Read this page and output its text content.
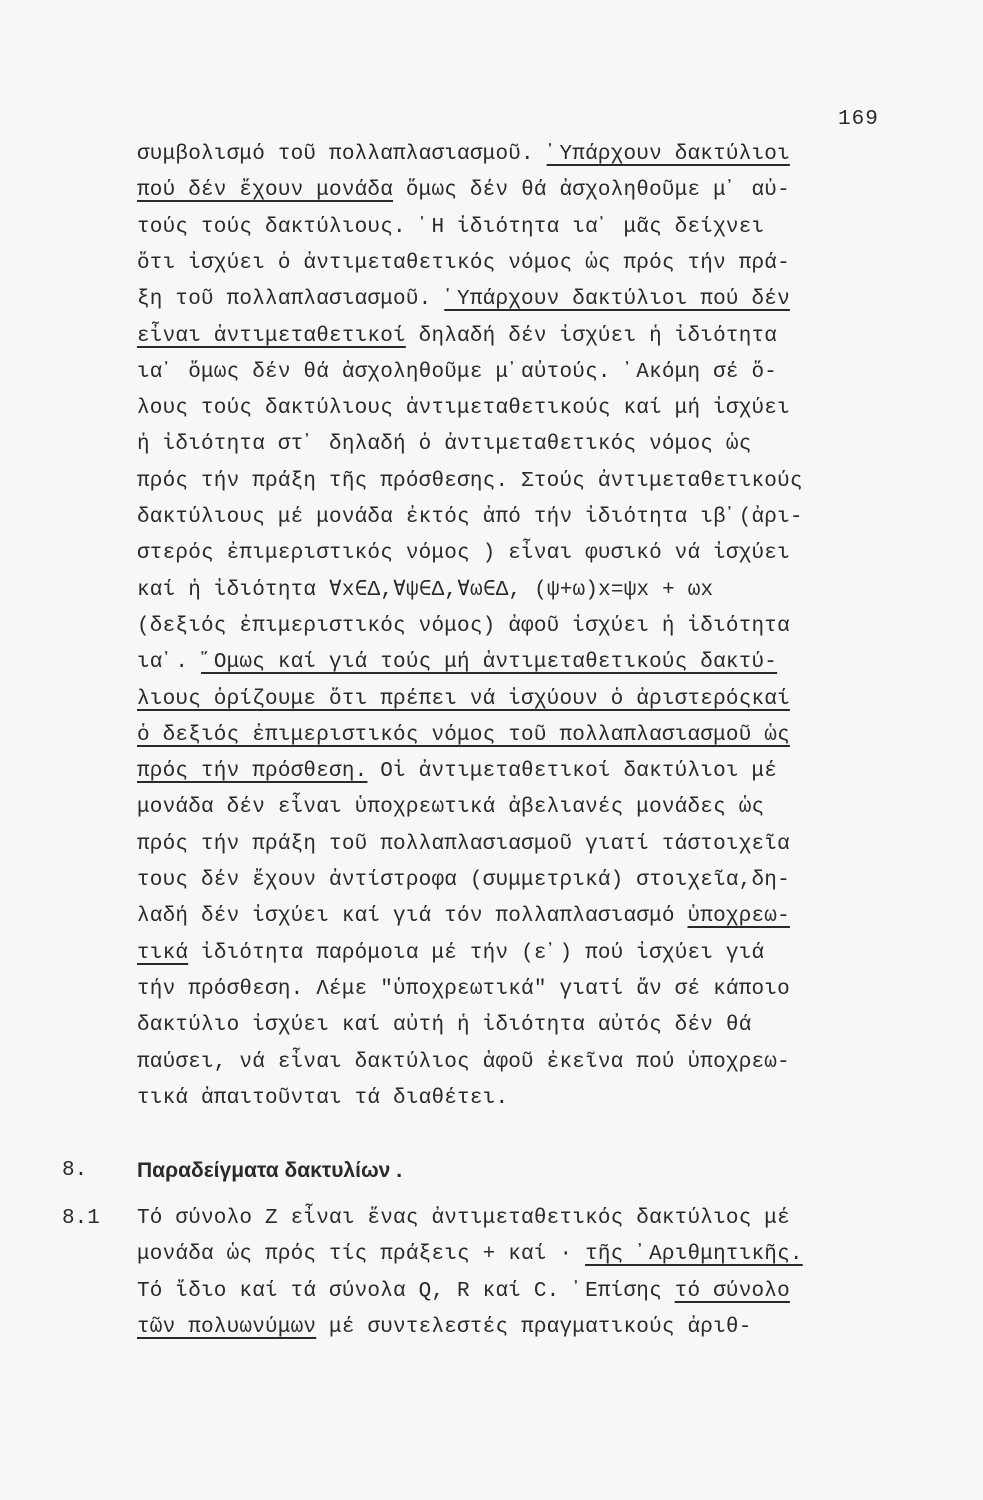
169
συμβολισμό τοῦ πολλαπλασιασμοῦ. ῾Υπάρχουν δακτύλιοι
πού δέν ἔχουν μονάδα ὅμως δέν θά ἀσχοληθοῦμε μ᾿ αὐ-
τούς τούς δακτύλιους. ῾Η ἰδιότητα ια᾿ μᾶς δείχνει
ὅτι ἰσχύει ὁ ἀντιμεταθετικός νόμος ὡς πρός τήν πρά-
ξη τοῦ πολλαπλασιασμοῦ. ῾Υπάρχουν δακτύλιοι πού δέν
εἶναι ἀντιμεταθετικοί δηλαδή δέν ἰσχύει ἡ ἰδιότητα
ια᾿ ὅμως δέν θά ἀσχοληθοῦμε μ᾿αὐτούς. ᾿Ακόμη σέ ὅ-
λους τούς δακτύλιους ἀντιμεταθετικούς καί μή ἰσχύει
ἡ ἰδιότητα στ᾿ δηλαδή ὁ ἀντιμεταθετικός νόμος ὡς
πρός τήν πράξη τῆς πρόσθεσης. Στούς ἀντιμεταθετικούς
δακτύλιους μέ μονάδα ἐκτός ἀπό τήν ἰδιότητα ιβ᾿(ἀρι-
στερός ἐπιμεριστικός νόμος ) εἶναι φυσικό νά ἰσχύει
καί ἡ ἰδιότητα ∀x∈Δ,∀ψ∈Δ,∀ω∈Δ, (ψ+ω)x=ψx + ωx
(δεξιός ἐπιμεριστικός νόμος) ἀφοῦ ἰσχύει ἡ ἰδιότητα
ια᾿. ῞Ομως καί γιά τούς μή ἀντιμεταθετικούς δακτύ-
λιους ὁρίζουμε ὅτι πρέπει νά ἰσχύουν ὁ ἀριστερόςκαί
ὁ δεξιός ἐπιμεριστικός νόμος τοῦ πολλαπλασιασμοῦ ὡς
πρός τήν πρόσθεση. Οἱ ἀντιμεταθετικοί δακτύλιοι μέ
μονάδα δέν εἶναι ὑποχρεωτικά ἀβελιανές μονάδες ὡς
πρός τήν πράξη τοῦ πολλαπλασιασμοῦ γιατί τάστοιχεῖα
τους δέν ἔχουν ἀντίστροφα (συμμετρικά) στοιχεῖα,δη-
λαδή δέν ἰσχύει καί γιά τόν πολλαπλασιασμό ὑποχρεω-
τικά ἰδιότητα παρόμοια μέ τήν (ε᾿) πού ἰσχύει γιά
τήν πρόσθεση. Λέμε "ὑποχρεωτικά" γιατί ἄν σέ κάποιο
δακτύλιο ἰσχύει καί αὐτή ἡ ἰδιότητα αὐτός δέν θά
παύσει, νά εἶναι δακτύλιος ἀφοῦ ἐκεῖνα πού ὑποχρεω-
τικά ἀπαιτοῦνται τά διαθέτει.
8. Παραδείγματα δακτυλίων .
8.1 Τό σύνολο Z εἶναι ἕνας ἀντιμεταθετικός δακτύλιος μέ
μονάδα ὡς πρός τίς πράξεις + καί · τῆς ᾿Αριθμητικῆς.
Τό ἴδιο καί τά σύνολα Q, R καί C. ᾿Επίσης τό σύνολο
τῶν πολυωνύμων μέ συντελεστές πραγματικούς ἀριθ-
